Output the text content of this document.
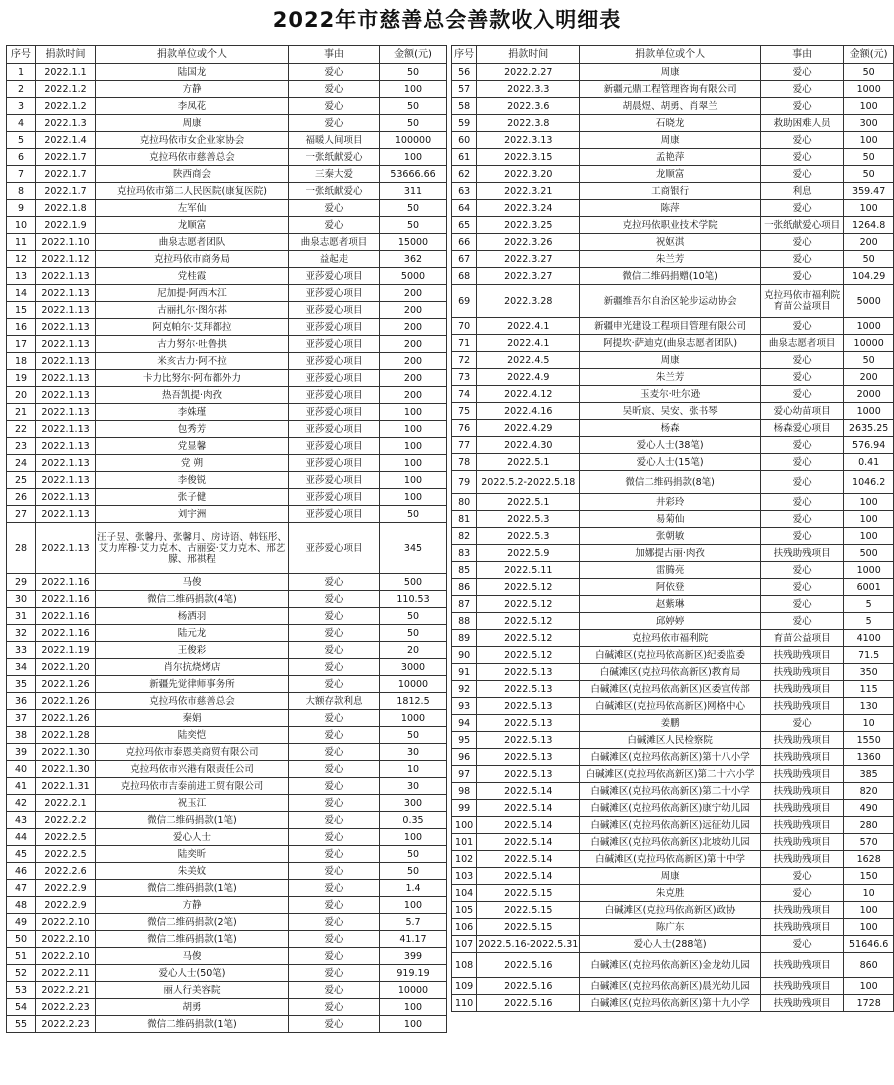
2022年市慈善总会善款收入明细表
序号	捐款时间	捐款单位或个人	事由	金额(元)
1	2022.1.1	陆国龙	爱心	50
2	2022.1.2	方静	爱心	100
3	2022.1.2	李凤花	爱心	50
4	2022.1.3	周康	爱心	50
5	2022.1.4	克拉玛依市女企业家协会	福暖人间项目	100000
6	2022.1.7	克拉玛依市慈善总会	一张纸献爱心	100
7	2022.1.7	陕西商会	三秦大爱	53666.66
8	2022.1.7	克拉玛依市第二人民医院(康复医院)	一张纸献爱心	311
9	2022.1.8	左军仙	爱心	50
10	2022.1.9	龙顺富	爱心	50
11	2022.1.10	曲泉志愿者团队	曲泉志愿者项目	15000
12	2022.1.12	克拉玛依市商务局	益起走	362
13	2022.1.13	党桂霞	亚莎爱心项目	5000
14	2022.1.13	尼加提·阿西木江	亚莎爱心项目	200
15	2022.1.13	古丽扎尔·图尔荪	亚莎爱心项目	200
16	2022.1.13	阿克帕尔·艾拜都拉	亚莎爱心项目	200
17	2022.1.13	古力努尔·吐鲁拱	亚莎爱心项目	200
18	2022.1.13	米亥古力·阿不拉	亚莎爱心项目	200
19	2022.1.13	卡力比努尔·阿布都外力	亚莎爱心项目	200
20	2022.1.13	热吾凯提·肉孜	亚莎爱心项目	200
21	2022.1.13	李姝瑾	亚莎爱心项目	100
22	2022.1.13	包秀芳	亚莎爱心项目	100
23	2022.1.13	党显馨	亚莎爱心项目	100
24	2022.1.13	党 朔	亚莎爱心项目	100
25	2022.1.13	李俊锐	亚莎爱心项目	100
26	2022.1.13	张子健	亚莎爱心项目	100
27	2022.1.13	刘宇洲	亚莎爱心项目	50
28	2022.1.13	汪子昱、张馨丹、张馨月、房诗语、韩钰彤、艾力库穆·艾力克木、古丽姿·艾力克木、邢艺朦、邢祺程	亚莎爱心项目	345
29	2022.1.16	马俊	爱心	500
30	2022.1.16	微信二维码捐款(4笔)	爱心	110.53
31	2022.1.16	杨洒羽	爱心	50
32	2022.1.16	陆元龙	爱心	50
33	2022.1.19	王俊彩	爱心	20
34	2022.1.20	肖尔抗烧烤店	爱心	3000
35	2022.1.26	新疆先觉律师事务所	爱心	10000
36	2022.1.26	克拉玛依市慈善总会	大额存款利息	1812.5
37	2022.1.26	秦娟	爱心	1000
38	2022.1.28	陆奕恺	爱心	50
39	2022.1.30	克拉玛依市泰恩美商贸有限公司	爱心	30
40	2022.1.30	克拉玛依市兴港有限责任公司	爱心	10
41	2022.1.31	克拉玛依市吉泰前进工贸有限公司	爱心	30
42	2022.2.1	祝玉江	爱心	300
43	2022.2.2	微信二维码捐款(1笔)	爱心	0.35
44	2022.2.5	爱心人士	爱心	100
45	2022.2.5	陆奕昕	爱心	50
46	2022.2.6	朱美妏	爱心	50
47	2022.2.9	微信二维码捐款(1笔)	爱心	1.4
48	2022.2.9	方静	爱心	100
49	2022.2.10	微信二维码捐款(2笔)	爱心	5.7
50	2022.2.10	微信二维码捐款(1笔)	爱心	41.17
51	2022.2.10	马俊	爱心	399
52	2022.2.11	爱心人士(50笔)	爱心	919.19
53	2022.2.21	丽人行美容院	爱心	10000
54	2022.2.23	胡勇	爱心	100
55	2022.2.23	微信二维码捐款(1笔)	爱心	100
序号	捐款时间	捐款单位或个人	事由	金额(元)
56	2022.2.27	周康	爱心	50
57	2022.3.3	新疆元鼎工程管理咨询有限公司	爱心	1000
58	2022.3.6	胡晨煜、胡勇、肖翠兰	爱心	100
59	2022.3.8	石晓龙	救助困难人员	300
60	2022.3.13	周康	爱心	100
61	2022.3.15	孟艳萍	爱心	50
62	2022.3.20	龙顺富	爱心	50
63	2022.3.21	工商银行	利息	359.47
64	2022.3.24	陈萍	爱心	100
65	2022.3.25	克拉玛依职业技术学院	一张纸献爱心项目	1264.8
66	2022.3.26	祝妪淇	爱心	200
67	2022.3.27	朱兰芳	爱心	50
68	2022.3.27	微信二维码捐赠(10笔)	爱心	104.29
69	2022.3.28	新疆维吾尔自治区轮步运动协会	克拉玛依市福利院育苗公益项目	5000
70	2022.4.1	新疆申光建设工程项目管理有限公司	爱心	1000
71	2022.4.1	阿提坎·萨迪克(曲泉志愿者团队)	曲泉志愿者项目	10000
72	2022.4.5	周康	爱心	50
73	2022.4.9	朱兰芳	爱心	200
74	2022.4.12	玉麦尔·吐尔逊	爱心	2000
75	2022.4.16	吴昕宸、吴安、张书琴	爱心幼苗项目	1000
76	2022.4.29	杨森	杨森爱心项目	2635.25
77	2022.4.30	爱心人士(38笔)	爱心	576.94
78	2022.5.1	爱心人士(15笔)	爱心	0.41
79	2022.5.2-2022.5.18	微信二维码捐款(8笔)	爱心	1046.2
80	2022.5.1	井彩玲	爱心	100
81	2022.5.3	易菊仙	爱心	100
82	2022.5.3	张朝敏	爱心	100
83	2022.5.9	加娜提古丽·肉孜	扶残助残项目	500
85	2022.5.11	雷腾亮	爱心	1000
86	2022.5.12	阿依登	爱心	6001
87	2022.5.12	赵紫琳	爱心	5
88	2022.5.12	邱婷婷	爱心	5
89	2022.5.12	克拉玛依市福利院	育苗公益项目	4100
90	2022.5.12	白碱滩区(克拉玛依高新区)纪委监委	扶残助残项目	71.5
91	2022.5.13	白碱滩区(克拉玛依高新区)教育局	扶残助残项目	350
92	2022.5.13	白碱滩区(克拉玛依高新区)区委宣传部	扶残助残项目	115
93	2022.5.13	白碱滩区(克拉玛依高新区)网格中心	扶残助残项目	130
94	2022.5.13	姜鹏	爱心	10
95	2022.5.13	白碱滩区人民检察院	扶残助残项目	1550
96	2022.5.13	白碱滩区(克拉玛依高新区)第十八小学	扶残助残项目	1360
97	2022.5.13	白碱滩区(克拉玛依高新区)第二十六小学	扶残助残项目	385
98	2022.5.14	白碱滩区(克拉玛依高新区)第二十小学	扶残助残项目	820
99	2022.5.14	白碱滩区(克拉玛依高新区)康宁幼儿园	扶残助残项目	490
100	2022.5.14	白碱滩区(克拉玛依高新区)远征幼儿园	扶残助残项目	280
101	2022.5.14	白碱滩区(克拉玛依高新区)北坡幼儿园	扶残助残项目	570
102	2022.5.14	白碱滩区(克拉玛依高新区)第十中学	扶残助残项目	1628
103	2022.5.14	周康	爱心	150
104	2022.5.15	朱克胜	爱心	10
105	2022.5.15	白碱滩区(克拉玛依高新区)政协	扶残助残项目	100
106	2022.5.15	陈广东	扶残助残项目	100
107	2022.5.16-2022.5.31	爱心人士(288笔)	爱心	51646.6
108	2022.5.16	白碱滩区(克拉玛依高新区)金龙幼儿园	扶残助残项目	860
109	2022.5.16	白碱滩区(克拉玛依高新区)晨光幼儿园	扶残助残项目	100
110	2022.5.16	白碱滩区(克拉玛依高新区)第十九小学	扶残助残项目	1728
